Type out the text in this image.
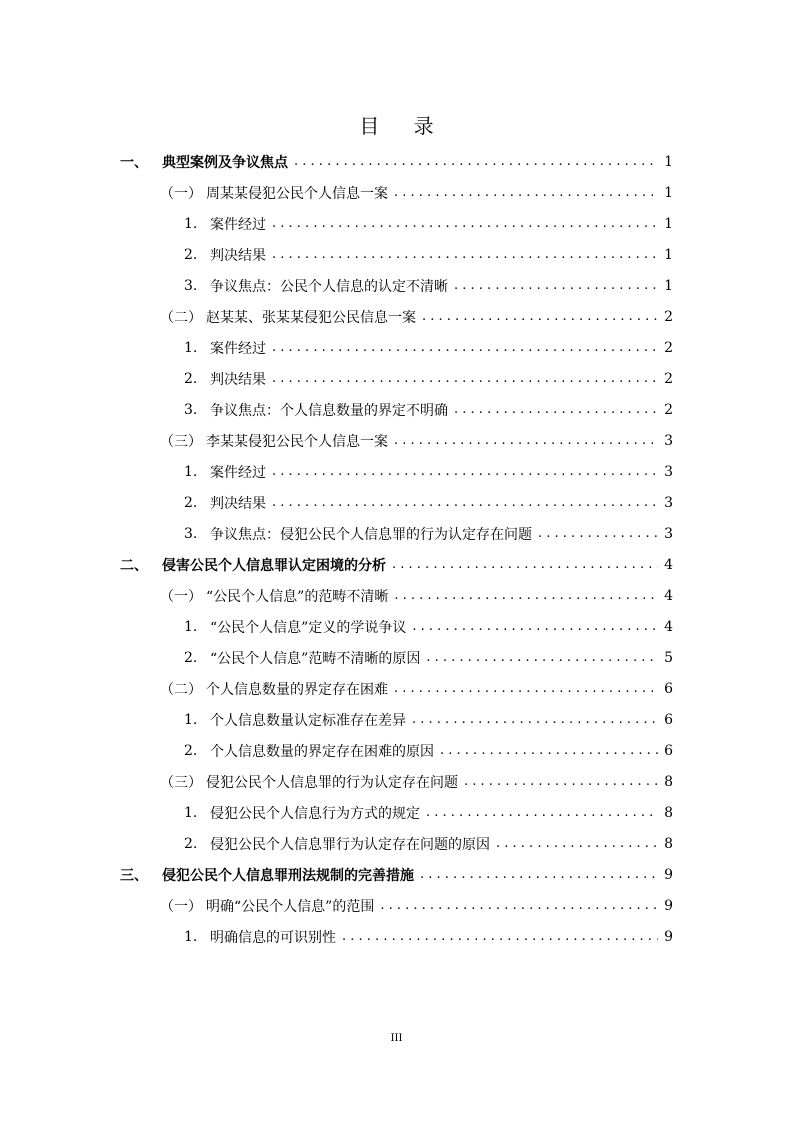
目 录
一、	典型案例及争议焦点 . . .	1
（一） 周某某侵犯公民个人信息一案 . . .	1
1. 案件经过 . . .	1
2. 判决结果 . . .	1
3. 争议焦点：公民个人信息的认定不清晰 . . .	1
（二） 赵某某、张某某侵犯公民信息一案 . . .	2
1. 案件经过 . . .	2
2. 判决结果 . . .	2
3. 争议焦点：个人信息数量的界定不明确 . . .	2
（三） 李某某侵犯公民个人信息一案 . . .	3
1. 案件经过 . . .	3
2. 判决结果 . . .	3
3. 争议焦点：侵犯公民个人信息罪的行为认定存在问题 . . .	3
二、	侵害公民个人信息罪认定困境的分析 . . .	4
（一） “公民个人信息”的范畴不清晰 . . .	4
1. “公民个人信息”定义的学说争议 . . .	4
2. “公民个人信息”范畴不清晰的原因 . . .	5
（二） 个人信息数量的界定存在困难 . . .	6
1. 个人信息数量认定标准存在差异 . . .	6
2. 个人信息数量的界定存在困难的原因 . . .	6
（三） 侵犯公民个人信息罪的行为认定存在问题 . . .	8
1. 侵犯公民个人信息行为方式的规定 . . .	8
2. 侵犯公民个人信息罪行为认定存在问题的原因 . . .	8
三、	侵犯公民个人信息罪刑法规制的完善措施 . . .	9
（一） 明确“公民个人信息”的范围 . . .	9
1. 明确信息的可识别性 . . .	9
III
